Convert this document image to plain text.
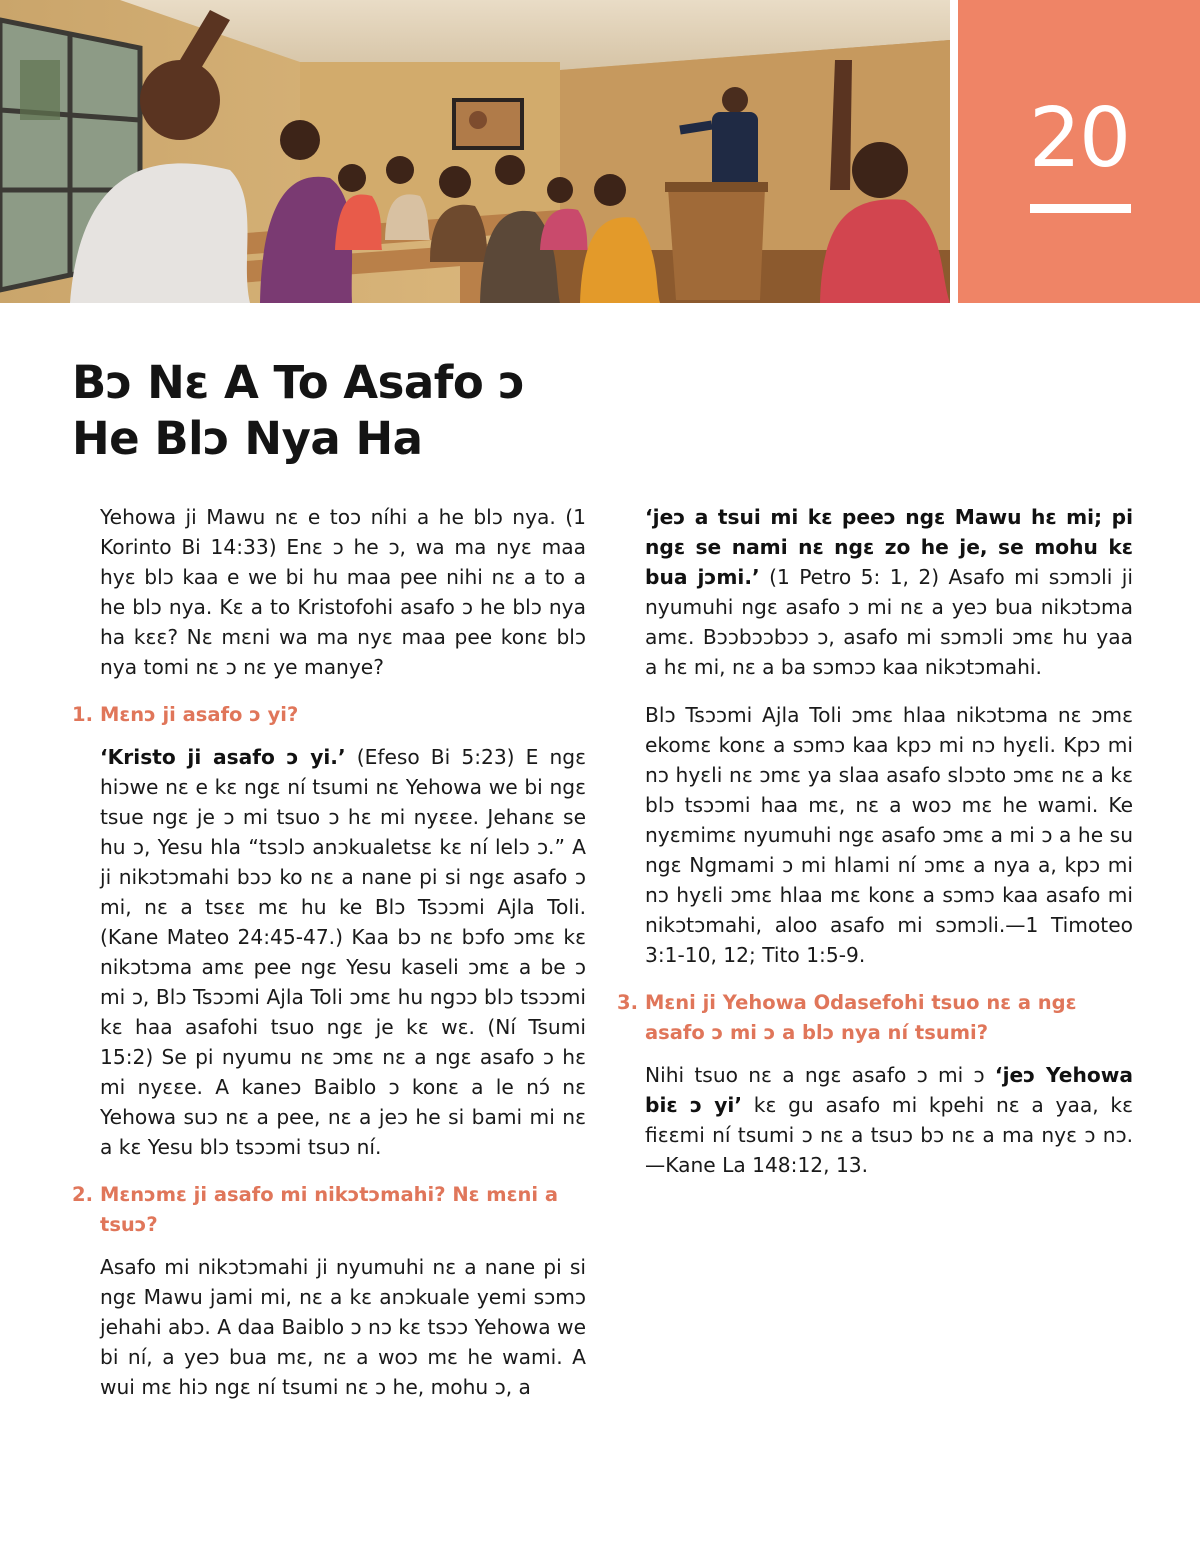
20
Bɔ Nɛ A To Asafo ɔ
He Blɔ Nya Ha

Yehowa ji Mawu nɛ e toɔ níhi a he blɔ nya. (1 Korinto Bi 14:33) Enɛ ɔ he ɔ, wa ma nyɛ maa hyɛ blɔ kaa e we bi hu maa pee nihi nɛ a to a he blɔ nya. Kɛ a to Kristofohi asafo ɔ he blɔ nya ha kɛɛ? Nɛ mɛni wa ma nyɛ maa pee konɛ blɔ nya tomi nɛ ɔ nɛ ye manye?

1. Mɛnɔ ji asafo ɔ yi?

‘Kristo ji asafo ɔ yi.’ (Efeso Bi 5:23) E ngɛ hiɔwe nɛ e kɛ ngɛ ní tsumi nɛ Yehowa we bi ngɛ tsue ngɛ je ɔ mi tsuo ɔ hɛ mi nyɛɛe. Jehanɛ se hu ɔ, Yesu hla “tsɔlɔ anɔkualetsɛ kɛ ní lelɔ ɔ.” A ji nikɔtɔmahi bɔɔ ko nɛ a nane pi si ngɛ asafo ɔ mi, nɛ a tsɛɛ mɛ hu ke Blɔ Tsɔɔmi Ajla Toli. (Kane Mateo 24:45-47.) Kaa bɔ nɛ bɔfo ɔmɛ kɛ nikɔtɔma amɛ pee ngɛ Yesu kaseli ɔmɛ a be ɔ mi ɔ, Blɔ Tsɔɔmi Ajla Toli ɔmɛ hu ngɔɔ blɔ tsɔɔmi kɛ haa asafohi tsuo ngɛ je kɛ wɛ. (Ní Tsumi 15:2) Se pi nyumu nɛ ɔmɛ nɛ a ngɛ asafo ɔ hɛ mi nyɛɛe. A kaneɔ Baiblo ɔ konɛ a le nɔ́ nɛ Yehowa suɔ nɛ a pee, nɛ a jeɔ he si bami mi nɛ a kɛ Yesu blɔ tsɔɔmi tsuɔ ní.

2. Mɛnɔmɛ ji asafo mi nikɔtɔmahi? Nɛ mɛni a tsuɔ?

Asafo mi nikɔtɔmahi ji nyumuhi nɛ a nane pi si ngɛ Mawu jami mi, nɛ a kɛ anɔkuale yemi sɔmɔ jehahi abɔ. A daa Baiblo ɔ nɔ kɛ tsɔɔ Yehowa we bi ní, a yeɔ bua mɛ, nɛ a woɔ mɛ he wami. A wui mɛ hiɔ ngɛ ní tsumi nɛ ɔ he, mohu ɔ, a

‘jeɔ a tsui mi kɛ peeɔ ngɛ Mawu hɛ mi; pi ngɛ se nami nɛ ngɛ zo he je, se mohu kɛ bua jɔmi.’ (1 Petro 5: 1, 2) Asafo mi sɔmɔli ji nyumuhi ngɛ asafo ɔ mi nɛ a yeɔ bua nikɔtɔma amɛ. Bɔɔbɔɔbɔɔ ɔ, asafo mi sɔmɔli ɔmɛ hu yaa a hɛ mi, nɛ a ba sɔmɔɔ kaa nikɔtɔmahi.

Blɔ Tsɔɔmi Ajla Toli ɔmɛ hlaa nikɔtɔma nɛ ɔmɛ ekomɛ konɛ a sɔmɔ kaa kpɔ mi nɔ hyɛli. Kpɔ mi nɔ hyɛli nɛ ɔmɛ ya slaa asafo slɔɔto ɔmɛ nɛ a kɛ blɔ tsɔɔmi haa mɛ, nɛ a woɔ mɛ he wami. Ke nyɛmimɛ nyumuhi ngɛ asafo ɔmɛ a mi ɔ a he su ngɛ Ngmami ɔ mi hlami ní ɔmɛ a nya a, kpɔ mi nɔ hyɛli ɔmɛ hlaa mɛ konɛ a sɔmɔ kaa asafo mi nikɔtɔmahi, aloo asafo mi sɔmɔli.—1 Timoteo 3:1-10, 12; Tito 1:5-9.

3. Mɛni ji Yehowa Odasefohi tsuo nɛ a ngɛ asafo ɔ mi ɔ a blɔ nya ní tsumi?

Nihi tsuo nɛ a ngɛ asafo ɔ mi ɔ ‘jeɔ Yehowa biɛ ɔ yi’ kɛ gu asafo mi kpehi nɛ a yaa, kɛ fiɛɛmi ní tsumi ɔ nɛ a tsuɔ bɔ nɛ a ma nyɛ ɔ nɔ.—Kane La 148:12, 13.
